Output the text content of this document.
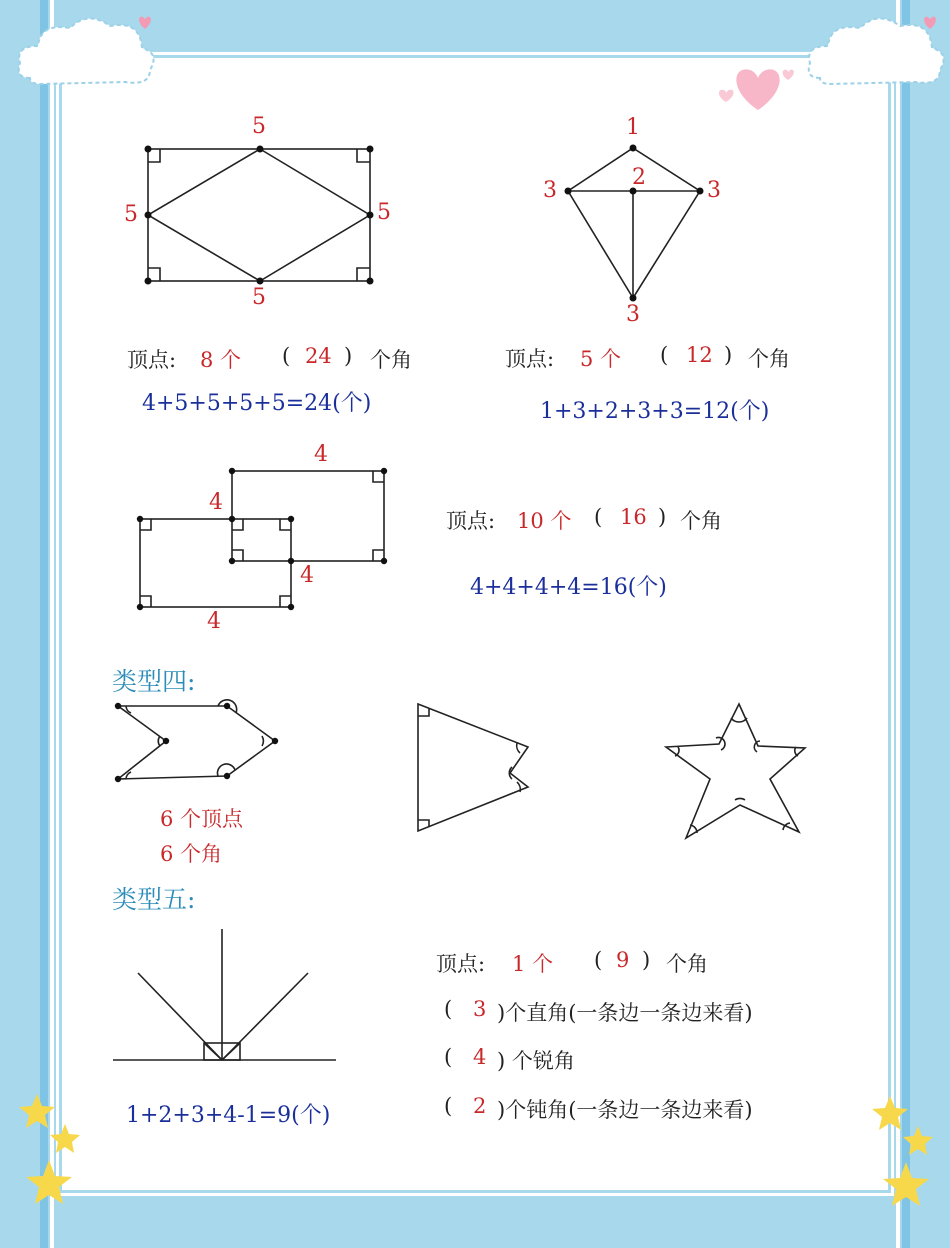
5
5
5	5
顶点: 8 个 ( 24 ) 个角
4+5+5+5+5=24(个)
1
2
3	3
3
顶点: 5 个 ( 12 ) 个角
1+3+2+3+3=12(个)
4
4
4
4
顶点: 10 个 ( 16 ) 个角
4+4+4+4=16(个)
类型四:
6 个顶点
6 个角
类型五:
顶点: 1 个 ( 9 ) 个角
( 3 )个直角(一条边一条边来看)
( 4 ) 个锐角
( 2 )个钝角(一条边一条边来看)
1+2+3+4-1=9(个)
